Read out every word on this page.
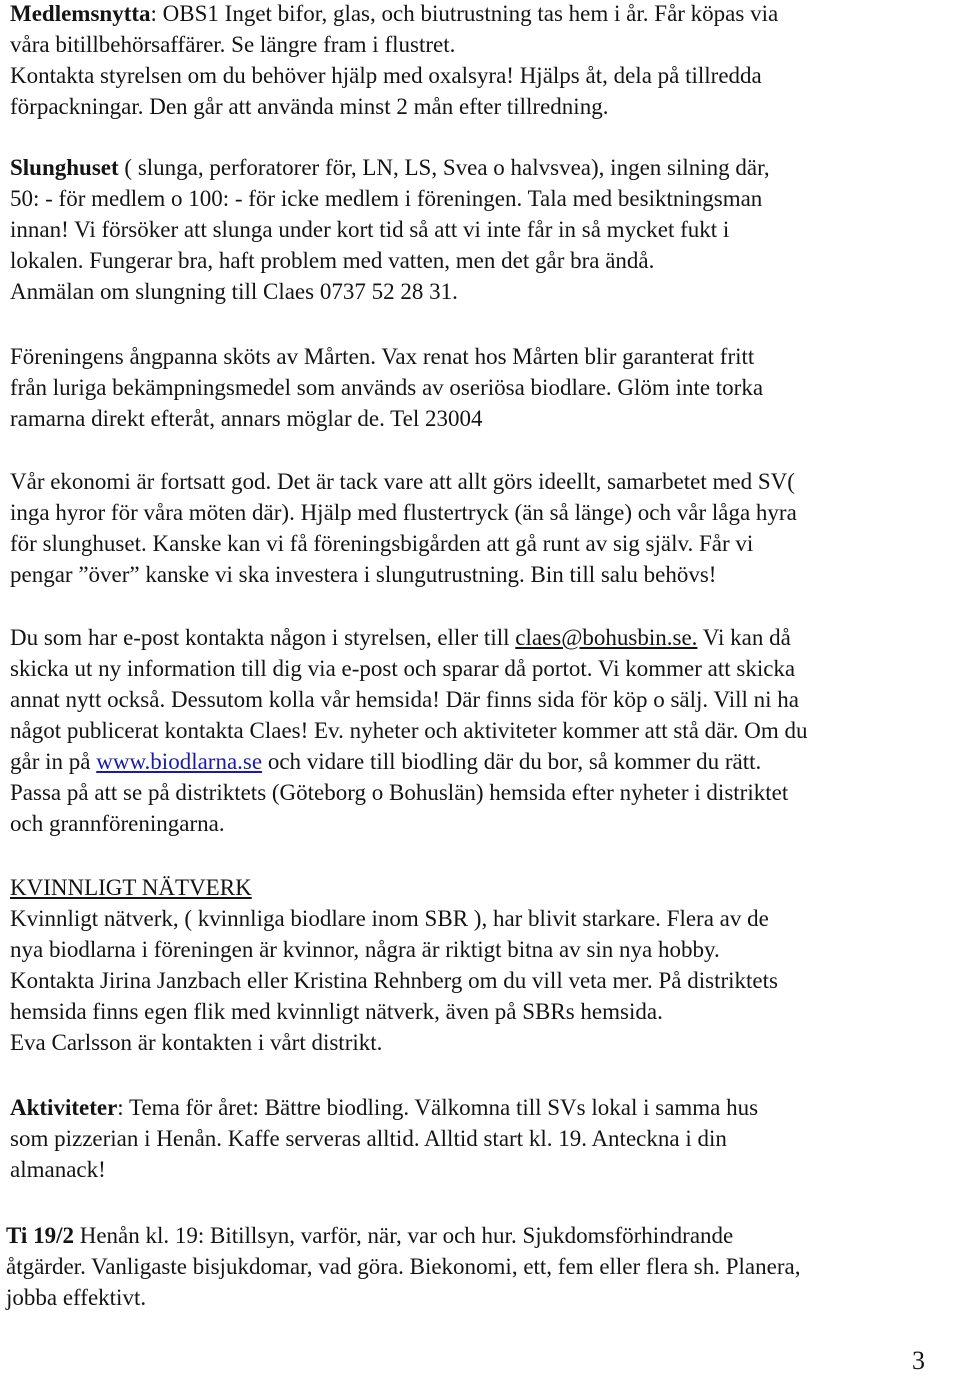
Medlemsnytta: OBS1 Inget bifor, glas, och biutrustning tas hem i år. Får köpas via
våra bitillbehörsaffärer. Se längre fram i flustret.
Kontakta styrelsen om du behöver hjälp med oxalsyra! Hjälps åt, dela på tillredda
förpackningar. Den går att använda minst 2 mån efter tillredning.
Slunghuset ( slunga, perforatorer för, LN, LS, Svea o halvsvea), ingen silning där,
50: - för medlem o 100: - för icke medlem i föreningen. Tala med besiktningsman
innan! Vi försöker att slunga under kort tid så att vi inte får in så mycket fukt i
lokalen. Fungerar bra, haft problem med vatten, men det går bra ändå.
Anmälan om slungning till Claes 0737 52 28 31.
Föreningens ångpanna sköts av Mårten. Vax renat hos Mårten blir garanterat fritt
från luriga bekämpningsmedel som används av oseriösa biodlare. Glöm inte torka
ramarna direkt efteråt, annars möglar de. Tel 23004
Vår ekonomi är fortsatt god. Det är tack vare att allt görs ideellt, samarbetet med SV(
inga hyror för våra möten där). Hjälp med flustertryck (än så länge) och vår låga hyra
för slunghuset. Kanske kan vi få föreningsbigården att gå runt av sig själv. Får vi
pengar ”över” kanske vi ska investera i slungutrustning. Bin till salu behövs!
Du som har e-post kontakta någon i styrelsen, eller till claes@bohusbin.se. Vi kan då
skicka ut ny information till dig via e-post och sparar då portot. Vi kommer att skicka
annat nytt också. Dessutom kolla vår hemsida! Där finns sida för köp o sälj. Vill ni ha
något publicerat kontakta Claes! Ev. nyheter och aktiviteter kommer att stå där. Om du
går in på www.biodlarna.se och vidare till biodling där du bor, så kommer du rätt.
Passa på att se på distriktets (Göteborg o Bohuslän) hemsida efter nyheter i distriktet
och grannföreningarna.
KVINNLIGT NÄTVERK
Kvinnligt nätverk, ( kvinnliga biodlare inom SBR ), har blivit starkare. Flera av de
nya biodlarna i föreningen är kvinnor, några är riktigt bitna av sin nya hobby.
Kontakta Jirina Janzbach eller Kristina Rehnberg om du vill veta mer. På distriktets
hemsida finns egen flik med kvinnligt nätverk, även på SBRs hemsida.
Eva Carlsson är kontakten i vårt distrikt.
Aktiviteter: Tema för året: Bättre biodling. Välkomna till SVs lokal i samma hus
som pizzerian i Henån. Kaffe serveras alltid. Alltid start kl. 19. Anteckna i din
almanack!
Ti 19/2 Henån kl. 19: Bitillsyn, varför, när, var och hur. Sjukdomsförhindrande
åtgärder. Vanligaste bisjukdomar, vad göra. Biekonomi, ett, fem eller flera sh. Planera,
jobba effektivt.
3
